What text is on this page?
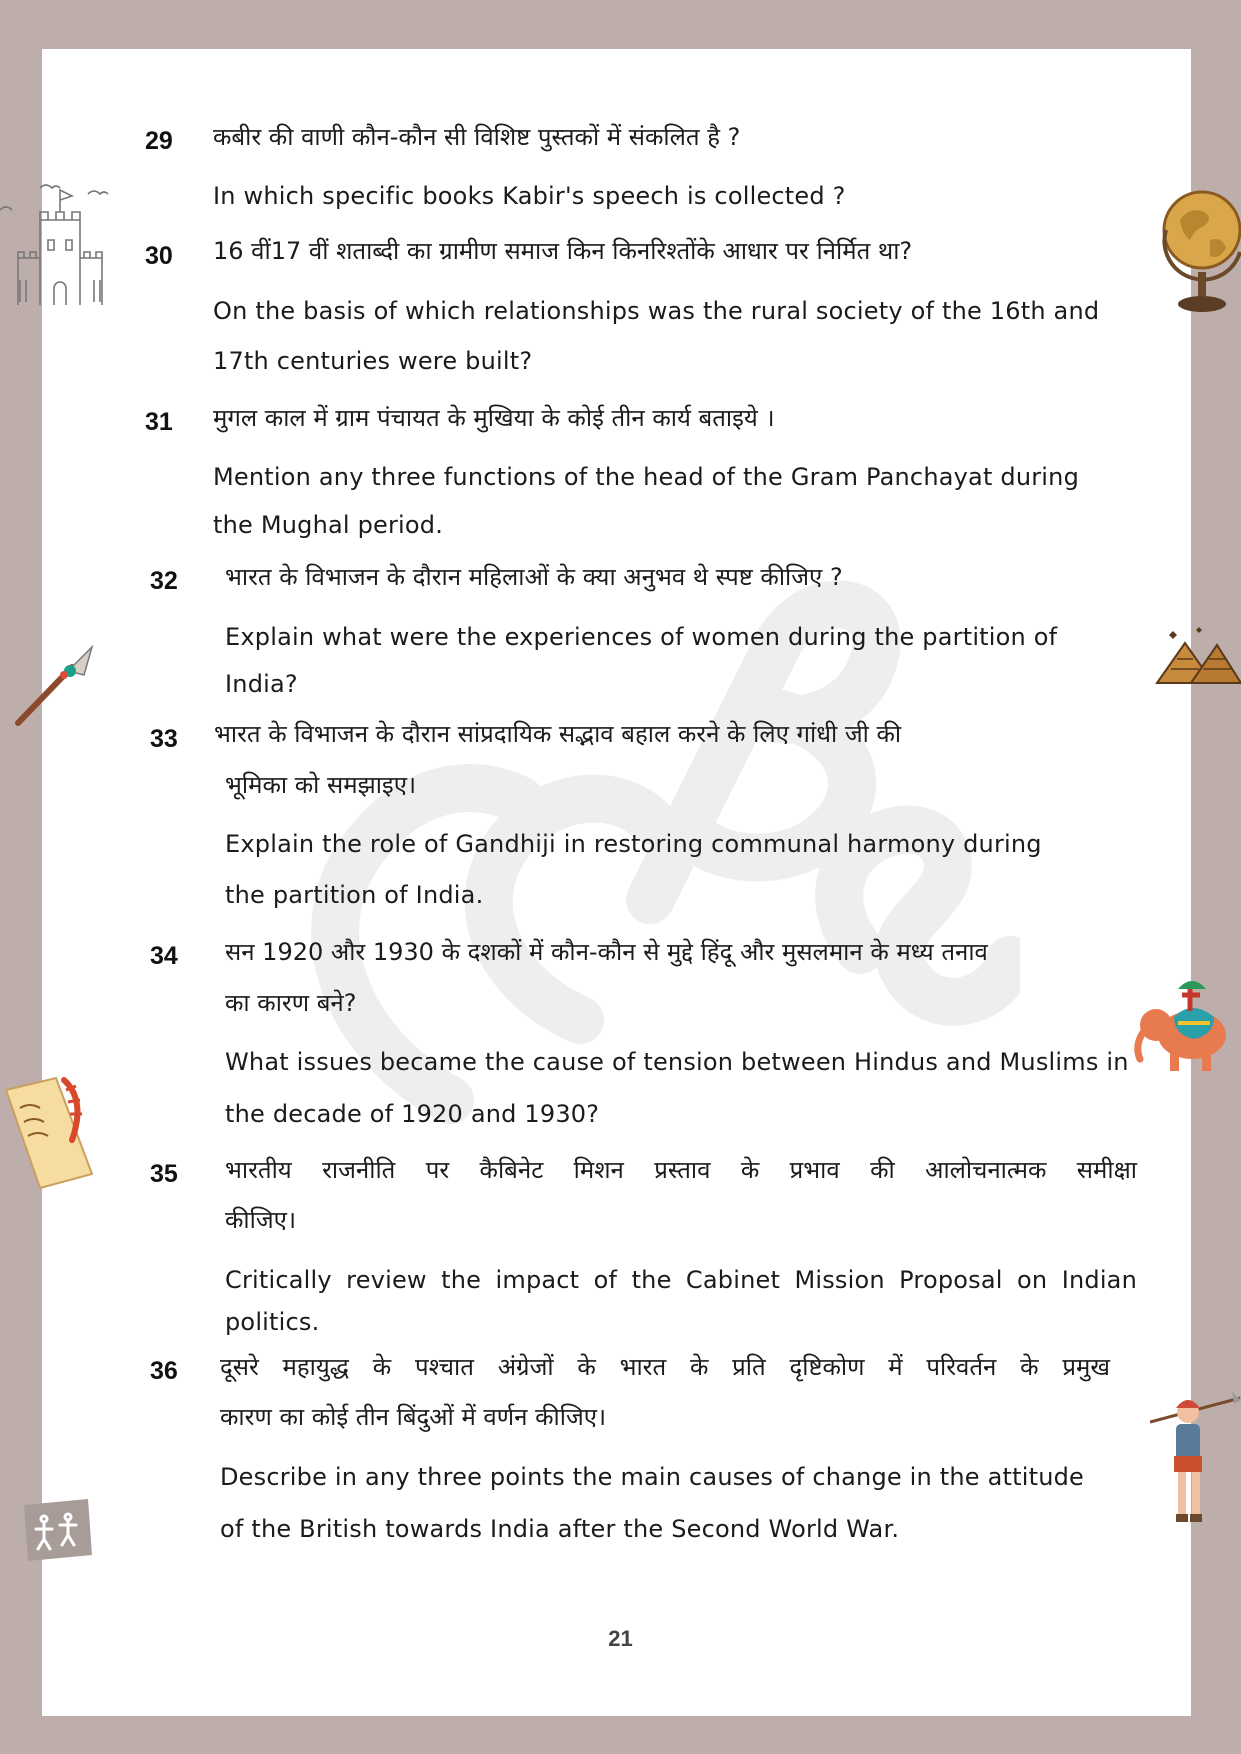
29 कबीर की वाणी कौन-कौन सी विशिष्ट पुस्तकों में संकलित है ?

In which specific books Kabir's speech is collected ?

30 16 वीं17 वीं शताब्दी का ग्रामीण समाज किन किनरिश्तोंके आधार पर निर्मित था?

On the basis of which relationships was the rural society of the 16th and

17th centuries were built?

31 मुगल काल में ग्राम पंचायत के मुखिया के कोई तीन कार्य बताइये ।

Mention any three functions of the head of the Gram Panchayat during

the Mughal period.

32 भारत के विभाजन के दौरान महिलाओं के क्या अनुभव थे स्पष्ट कीजिए ?

Explain what were the experiences of women during the partition of

India?

33 भारत के विभाजन के दौरान सांप्रदायिक सद्भाव बहाल करने के लिए गांधी जी की

भूमिका को समझाइए।

Explain the role of Gandhiji in restoring communal harmony during

the partition of India.

34 सन 1920 और 1930 के दशकों में कौन-कौन से मुद्दे हिंदू और मुसलमान के मध्य तनाव

का कारण बने?

What issues became the cause of tension between Hindus and Muslims in

the decade of 1920 and 1930?

35 भारतीय राजनीति पर कैबिनेट मिशन प्रस्ताव के प्रभाव की आलोचनात्मक समीक्षा

कीजिए।

Critically review the impact of the Cabinet Mission Proposal on Indian

politics.

36 दूसरे महायुद्ध के पश्चात अंग्रेजों के भारत के प्रति दृष्टिकोण में परिवर्तन के प्रमुख

कारण का कोई तीन बिंदुओं में वर्णन कीजिए।

Describe in any three points the main causes of change in the attitude

of the British towards India after the Second World War.

21
